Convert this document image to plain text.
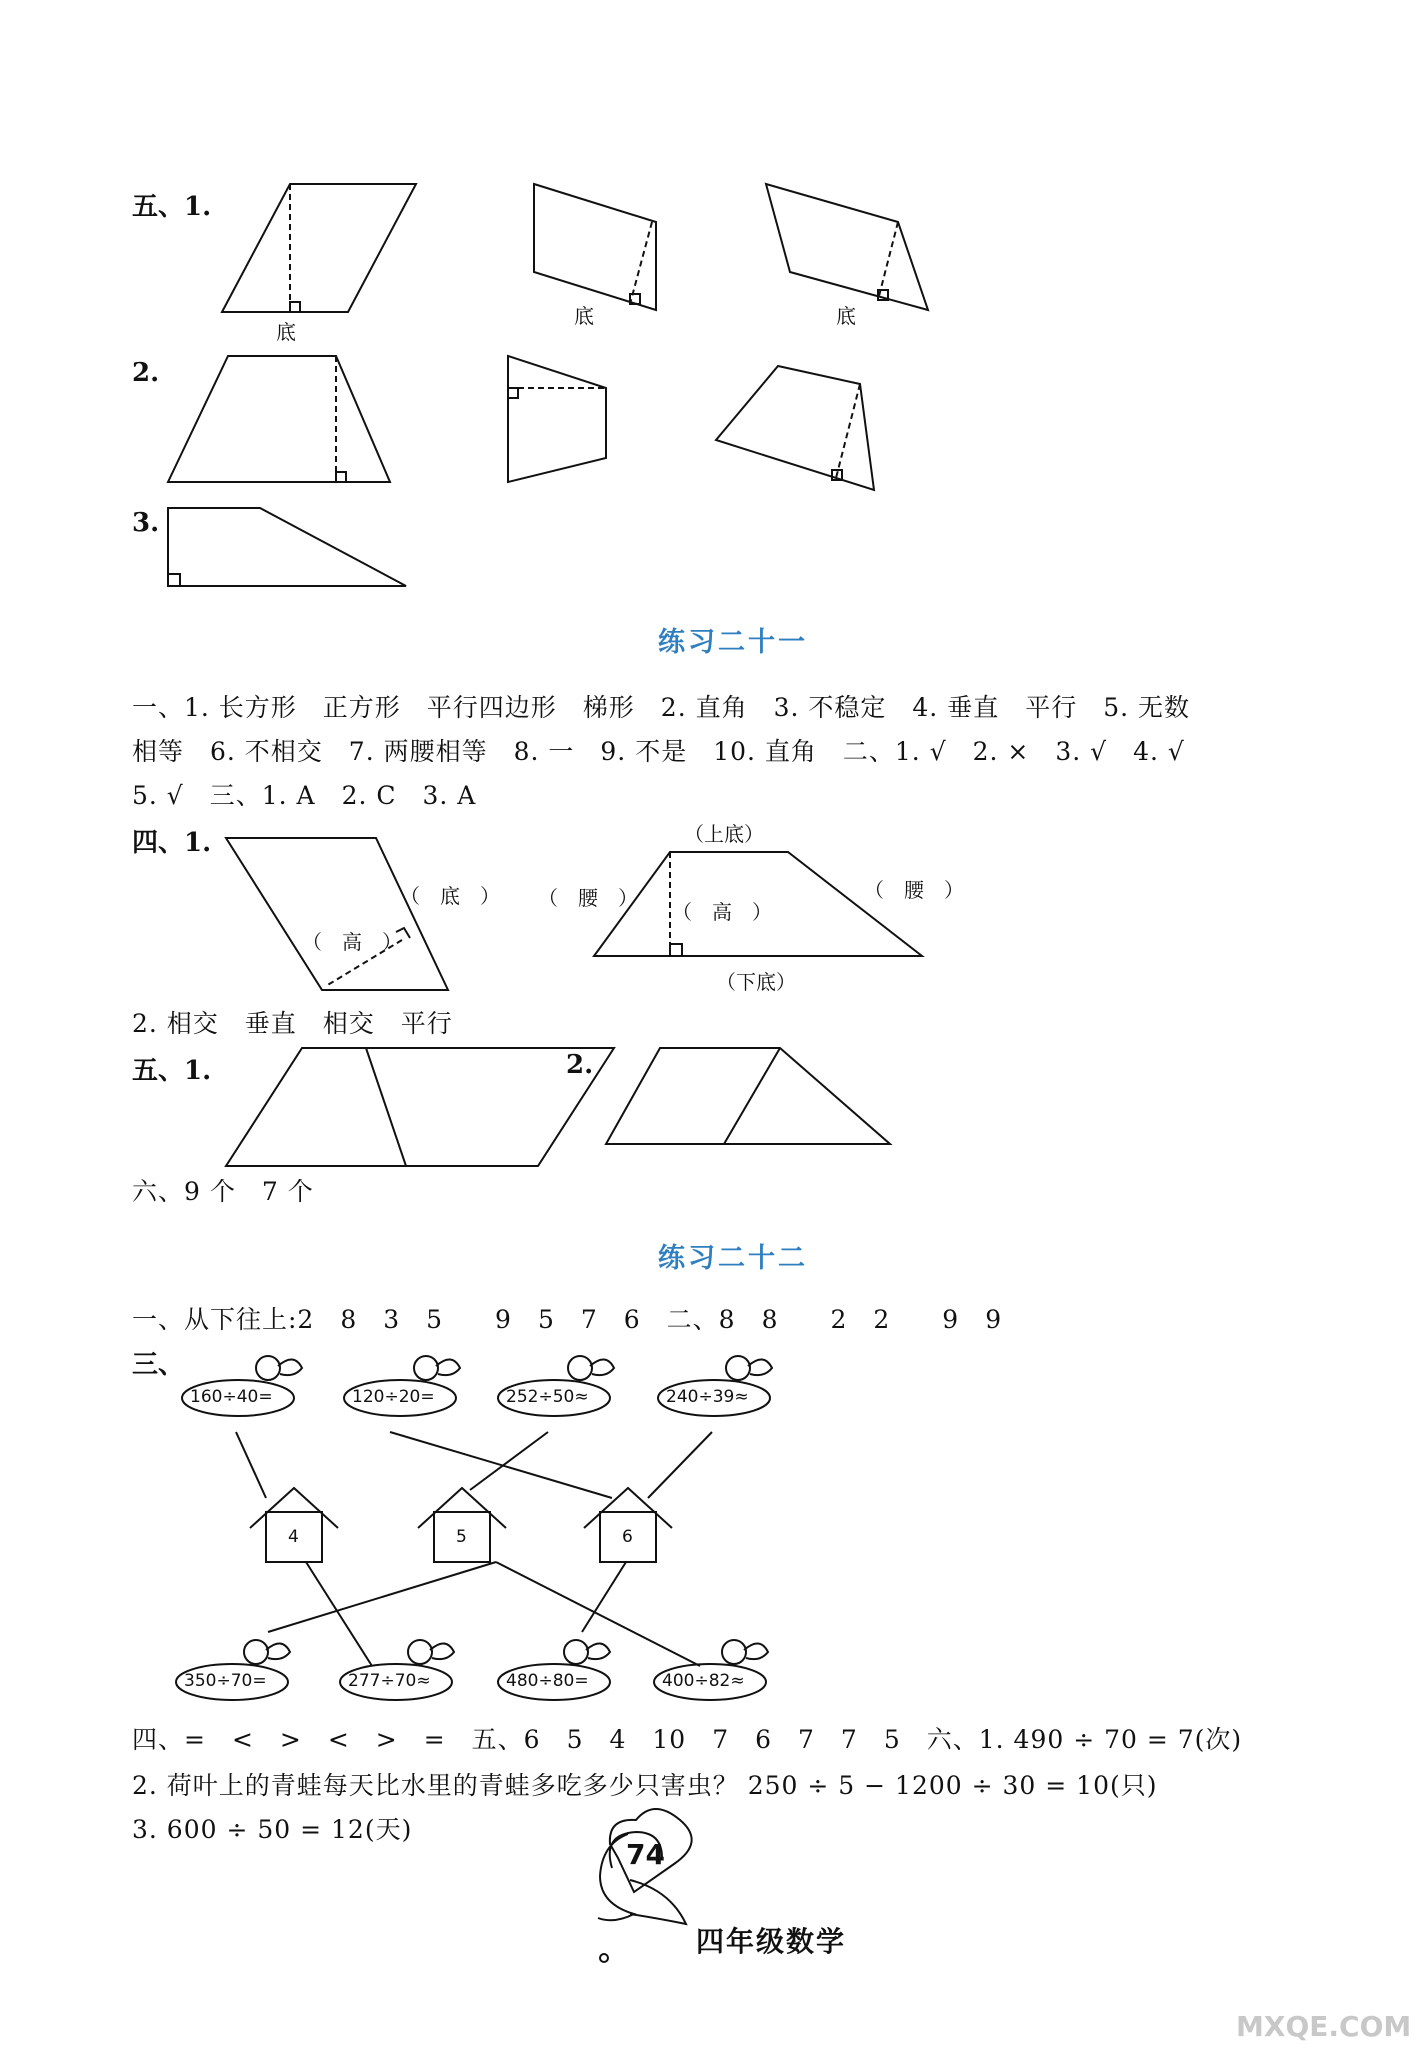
五、1.
2.
3.
底
底	底
练习二十一
一、1. 长方形　正方形　平行四边形　梯形　2. 直角　3. 不稳定　4. 垂直　平行　5. 无数
相等　6. 不相交　7. 两腰相等　8. 一　9. 不是　10. 直角　二、1. √　2. ×　3. √　4. √
5. √　三、1. A　2. C　3. A
四、1.
（　底　）
（　高　）
（上底）
（　腰　）
（　高　）
（　腰　）
（下底）
2. 相交　垂直　相交　平行
五、1.	2.
六、9 个　7 个
练习二十二
一、从下往上:2　8　3　5　　9　5　7　6　二、8　8　　2　2　　9　9
三、
160÷40=	120÷20=	252÷50≈	240÷39≈
4	5	6
350÷70=	277÷70≈	480÷80=	400÷82≈
四、=　<　>　<　>　=　五、6　5　4　10　7　6　7　7　5　六、1. 490 ÷ 70 = 7(次)
2. 荷叶上的青蛙每天比水里的青蛙多吃多少只害虫？ 250 ÷ 5 − 1200 ÷ 30 = 10(只)
3. 600 ÷ 50 = 12(天)
74
四年级数学
MXQE.COM
